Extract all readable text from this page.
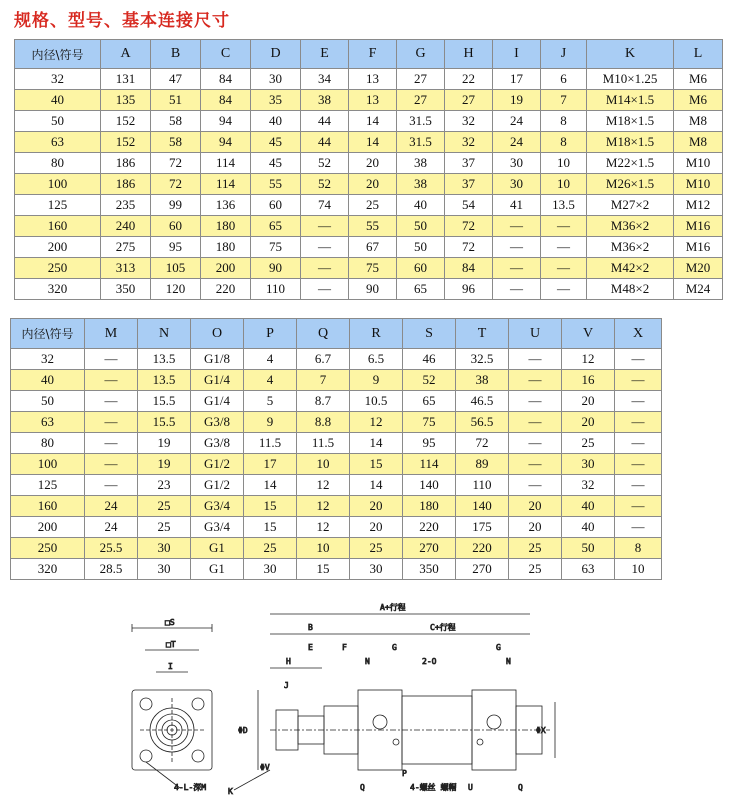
规格、型号、基本连接尺寸
内径\符号	A	B	C	D	E	F	G	H	I	J	K	L
32	131	47	84	30	34	13	27	22	17	6	M10×1.25	M6
40	135	51	84	35	38	13	27	27	19	7	M14×1.5	M6
50	152	58	94	40	44	14	31.5	32	24	8	M18×1.5	M8
63	152	58	94	45	44	14	31.5	32	24	8	M18×1.5	M8
80	186	72	114	45	52	20	38	37	30	10	M22×1.5	M10
100	186	72	114	55	52	20	38	37	30	10	M26×1.5	M10
125	235	99	136	60	74	25	40	54	41	13.5	M27×2	M12
160	240	60	180	65	—	55	50	72	—	—	M36×2	M16
200	275	95	180	75	—	67	50	72	—	—	M36×2	M16
250	313	105	200	90	—	75	60	84	—	—	M42×2	M20
320	350	120	220	110	—	90	65	96	—	—	M48×2	M24
内径\符号	M	N	O	P	Q	R	S	T	U	V	X
32	—	13.5	G1/8	4	6.7	6.5	46	32.5	—	12	—
40	—	13.5	G1/4	4	7	9	52	38	—	16	—
50	—	15.5	G1/4	5	8.7	10.5	65	46.5	—	20	—
63	—	15.5	G3/8	9	8.8	12	75	56.5	—	20	—
80	—	19	G3/8	11.5	11.5	14	95	72	—	25	—
100	—	19	G1/2	17	10	15	114	89	—	30	—
125	—	23	G1/2	14	12	14	140	110	—	32	—
160	24	25	G3/4	15	12	20	180	140	20	40	—
200	24	25	G3/4	15	12	20	220	175	20	40	—
250	25.5	30	G1	25	10	25	270	220	25	50	8
320	28.5	30	G1	30	15	30	350	270	25	63	10
□S
□T
I
4-L-深M
A+行程
B	C+行程
E	F	G	G
H
J
N	N
2-O
ΦD
ΦV
ΦX
K	Q	Q
P
4-螺丝 螺帽 U
